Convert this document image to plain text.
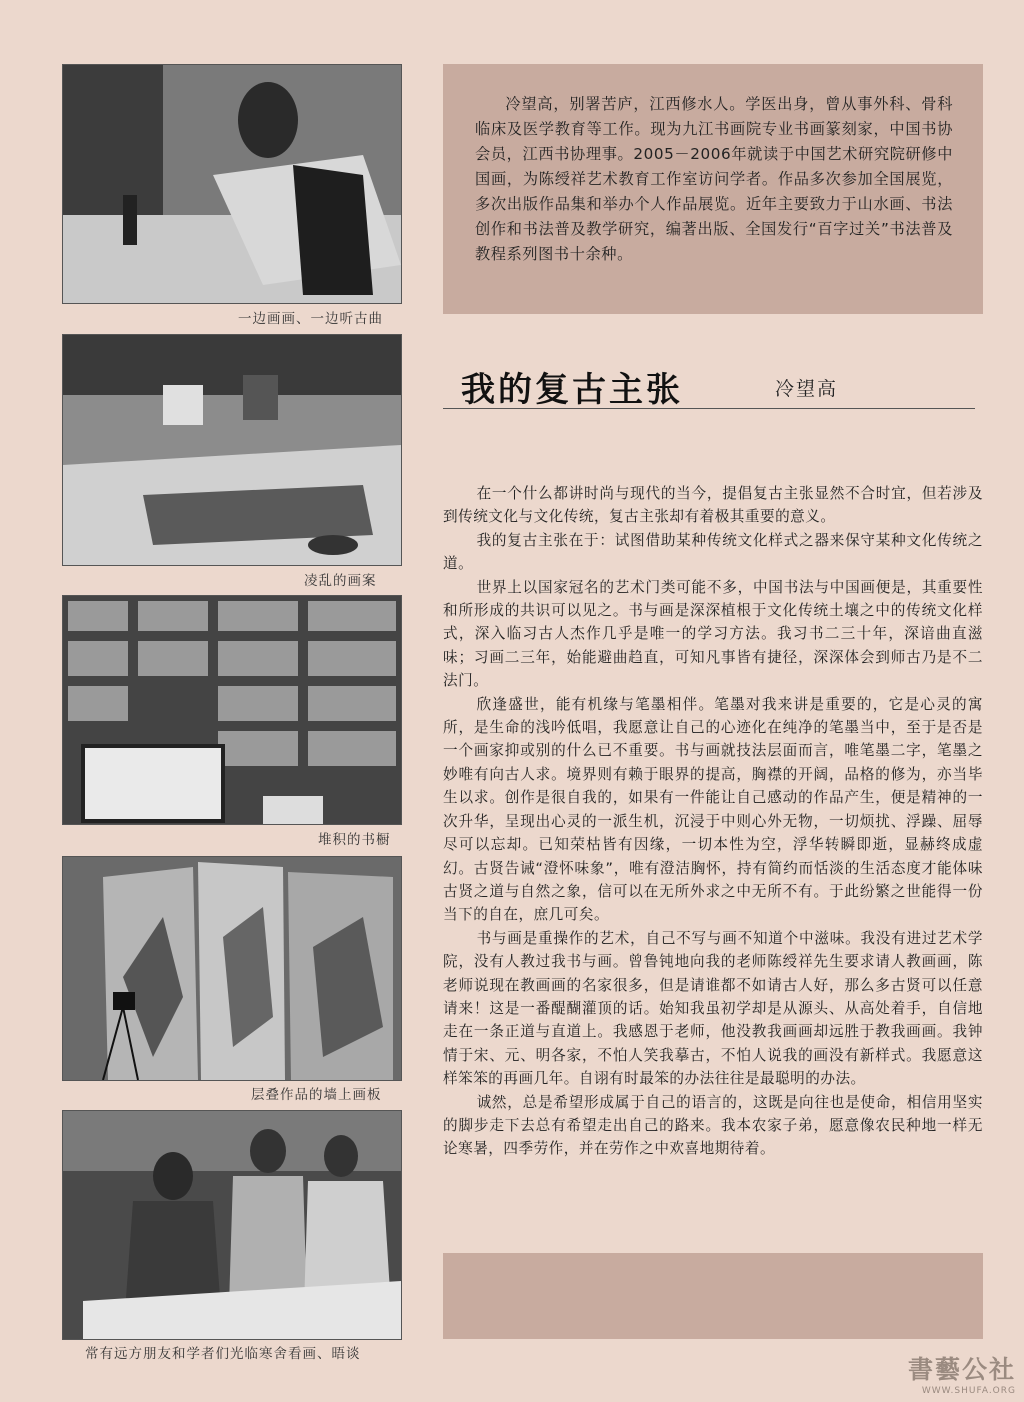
一边画画、一边听古曲
凌乱的画案
堆积的书橱
层叠作品的墙上画板
常有远方朋友和学者们光临寒舍看画、晤谈

冷望高，别署苦庐，江西修水人。学医出身，曾从事外科、骨科临床及医学教育等工作。现为九江书画院专业书画篆刻家，中国书协会员，江西书协理事。2005－2006年就读于中国艺术研究院研修中国画，为陈绶祥艺术教育工作室访问学者。作品多次参加全国展览，多次出版作品集和举办个人作品展览。近年主要致力于山水画、书法创作和书法普及教学研究，编著出版、全国发行“百字过关”书法普及教程系列图书十余种。

我的复古主张	冷望高

在一个什么都讲时尚与现代的当今，提倡复古主张显然不合时宜，但若涉及到传统文化与文化传统，复古主张却有着极其重要的意义。

我的复古主张在于：试图借助某种传统文化样式之器来保守某种文化传统之道。

世界上以国家冠名的艺术门类可能不多，中国书法与中国画便是，其重要性和所形成的共识可以见之。书与画是深深植根于文化传统土壤之中的传统文化样式，深入临习古人杰作几乎是唯一的学习方法。我习书二三十年，深谙曲直滋味；习画二三年，始能避曲趋直，可知凡事皆有捷径，深深体会到师古乃是不二法门。

欣逢盛世，能有机缘与笔墨相伴。笔墨对我来讲是重要的，它是心灵的寓所，是生命的浅吟低唱，我愿意让自己的心迹化在纯净的笔墨当中，至于是否是一个画家抑或别的什么已不重要。书与画就技法层面而言，唯笔墨二字，笔墨之妙唯有向古人求。境界则有赖于眼界的提高，胸襟的开阔，品格的修为，亦当毕生以求。创作是很自我的，如果有一件能让自己感动的作品产生，便是精神的一次升华，呈现出心灵的一派生机，沉浸于中则心外无物，一切烦扰、浮躁、屈辱尽可以忘却。已知荣枯皆有因缘，一切本性为空，浮华转瞬即逝，显赫终成虚幻。古贤告诫“澄怀味象”，唯有澄洁胸怀，持有简约而恬淡的生活态度才能体味古贤之道与自然之象，信可以在无所外求之中无所不有。于此纷繁之世能得一份当下的自在，庶几可矣。

书与画是重操作的艺术，自己不写与画不知道个中滋味。我没有进过艺术学院，没有人教过我书与画。曾鲁钝地向我的老师陈绶祥先生要求请人教画画，陈老师说现在教画画的名家很多，但是请谁都不如请古人好，那么多古贤可以任意请来！这是一番醍醐灌顶的话。始知我虽初学却是从源头、从高处着手，自信地走在一条正道与直道上。我感恩于老师，他没教我画画却远胜于教我画画。我钟情于宋、元、明各家，不怕人笑我摹古，不怕人说我的画没有新样式。我愿意这样笨笨的再画几年。自诩有时最笨的办法往往是最聪明的办法。

诚然，总是希望形成属于自己的语言的，这既是向往也是使命，相信用坚实的脚步走下去总有希望走出自己的路来。我本农家子弟，愿意像农民种地一样无论寒暑，四季劳作，并在劳作之中欢喜地期待着。

書藝公社
WWW.SHUFA.ORG
